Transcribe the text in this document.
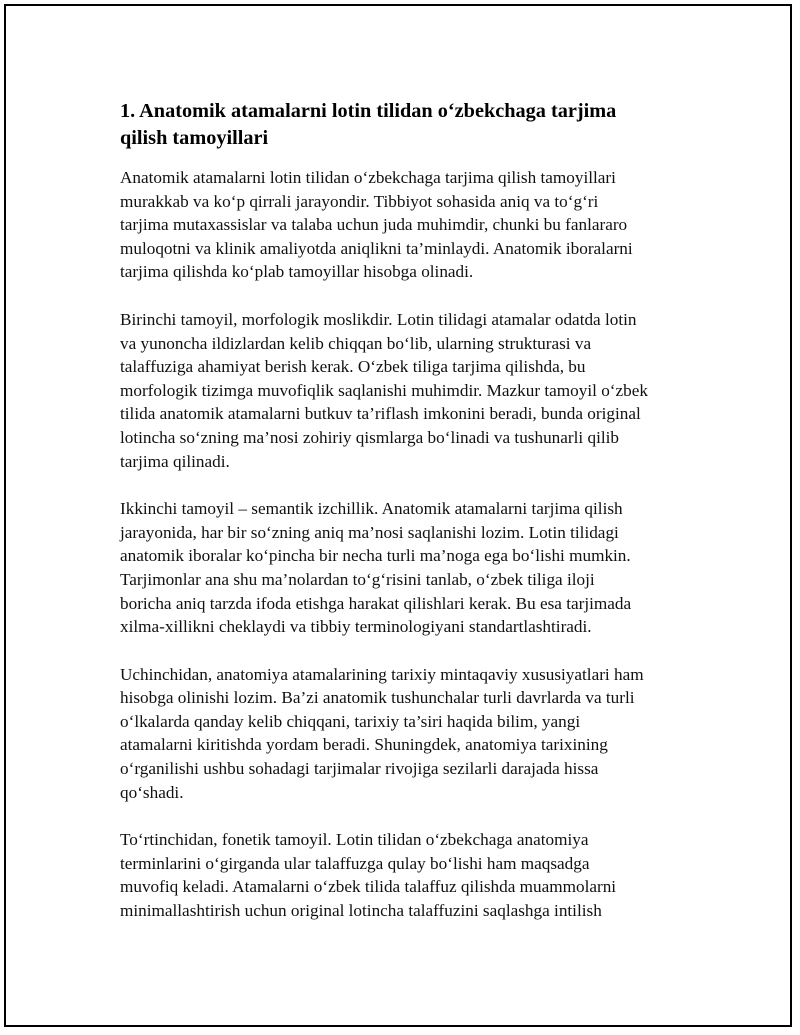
1. Anatomik atamalarni lotin tilidan o‘zbekchaga tarjima
qilish tamoyillari

Anatomik atamalarni lotin tilidan o‘zbekchaga tarjima qilish tamoyillari
murakkab va ko‘p qirrali jarayondir. Tibbiyot sohasida aniq va to‘g‘ri
tarjima mutaxassislar va talaba uchun juda muhimdir, chunki bu fanlararo
muloqotni va klinik amaliyotda aniqlikni ta’minlaydi. Anatomik iboralarni
tarjima qilishda ko‘plab tamoyillar hisobga olinadi.

Birinchi tamoyil, morfologik moslikdir. Lotin tilidagi atamalar odatda lotin
va yunoncha ildizlardan kelib chiqqan bo‘lib, ularning strukturasi va
talaffuziga ahamiyat berish kerak. O‘zbek tiliga tarjima qilishda, bu
morfologik tizimga muvofiqlik saqlanishi muhimdir. Mazkur tamoyil o‘zbek
tilida anatomik atamalarni butkuv ta’riflash imkonini beradi, bunda original
lotincha so‘zning ma’nosi zohiriy qismlarga bo‘linadi va tushunarli qilib
tarjima qilinadi.

Ikkinchi tamoyil – semantik izchillik. Anatomik atamalarni tarjima qilish
jarayonida, har bir so‘zning aniq ma’nosi saqlanishi lozim. Lotin tilidagi
anatomik iboralar ko‘pincha bir necha turli ma’noga ega bo‘lishi mumkin.
Tarjimonlar ana shu ma’nolardan to‘g‘risini tanlab, o‘zbek tiliga iloji
boricha aniq tarzda ifoda etishga harakat qilishlari kerak. Bu esa tarjimada
xilma-xillikni cheklaydi va tibbiy terminologiyani standartlashtiradi.

Uchinchidan, anatomiya atamalarining tarixiy mintaqaviy xususiyatlari ham
hisobga olinishi lozim. Ba’zi anatomik tushunchalar turli davrlarda va turli
o‘lkalarda qanday kelib chiqqani, tarixiy ta’siri haqida bilim, yangi
atamalarni kiritishda yordam beradi. Shuningdek, anatomiya tarixining
o‘rganilishi ushbu sohadagi tarjimalar rivojiga sezilarli darajada hissa
qo‘shadi.

To‘rtinchidan, fonetik tamoyil. Lotin tilidan o‘zbekchaga anatomiya
terminlarini o‘girganda ular talaffuzga qulay bo‘lishi ham maqsadga
muvofiq keladi. Atamalarni o‘zbek tilida talaffuz qilishda muammolarni
minimallashtirish uchun original lotincha talaffuzini saqlashga intilish
